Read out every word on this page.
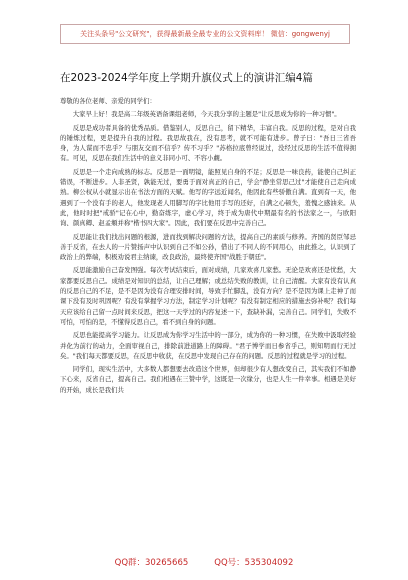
关注头条号"公文研究"，获得最新最全最专业的公文资料库！ 微信：gongwenyj
在2023-2024学年度上学期升旗仪式上的演讲汇编4篇

尊敬的各位老师、亲爱的同学们：

大家早上好！我是高二年级英语备课组老师，今天我分享的主题是"让反思成为你的一种习惯"。

反思是成功者具备的优秀品质。借鉴别人，反思自己，留下精华，丰富自我。反思的过程，是对自我的锤炼过程，更是提升自我的过程。我思故我在，没有思考，就不可能有进步。曾子曰："吾日三省吾身，为人谋而不忠乎？与朋友交而不信乎？传不习乎？"苏格拉底曾经说过，没经过反思的生活不值得拥有。可见，反思在我们生活中的意义非同小可、不容小觑。

反思是一个走向成熟的标志。反思是一面明镜，能照见自身的不足；反思是一味良药，能使自己纠正错误，不断进步。人非圣贤，孰能无过，要勇于面对真正的自己，学会"静坐常思己过"才能使自己走向成熟。柳公权从小就显示出在书法方面的天赋。他写的字远近闻名，他因此有些骄傲自满。直到有一天，他遇到了一个没有手的老人，他发现老人用脚写的字比他用手写的还好，自满之心顿失，羞愧之感油来。从此，他时时把"戒骄"记在心中，勤奋练字，虚心学习，终于成为唐代中期最有名的书法家之一，与欧阳询、颜真卿、赵孟頫并称"楷书四大家"。因此，我们要在反思中完善自己。

反思能让我们找出问题的根源，进而找到解决问题的方法，提高自己的素质与修养。齐国的贤臣邹忌善于反省，在去人的一片赞扬声中认识到自己不如公孙，借出了不同人的不同用心，由此推之，认识到了政治上的弊端，积极劝说君主纳谏，改良政治，最终使齐国"战胜于朝廷"。

反思能激励自己奋发图强。每次考试结束后，面对成绩，几家欢喜几家愁。无论是欢喜还是忧愁，大家都要反思自己。成绩是对知识的总结，让自己理解；或总结失败的教训，让自己清醒。大家有没有认真的反思自己的不足，是不是因为没有合理安排时间，导致手忙脚乱，没有方向？是不是因为课上走神了而课下没有及时巩固呢？有没有掌握学习方法，制定学习计划呢？有没有制定相应的措施去弥补呢？我们每天应该给自己留一点时间来反思，把这一天学过的内容复述一下，查缺补漏，完善自己。同学们，失败不可怕，可怕的是，不懂得反思自己，看不到自身的问题。

反思也能提高学习能力。让反思成为你学习生活中的一部分，成为你的一种习惯，在失败中汲取经验并化为前行的动力，全面审视自己，排除前进道路上的障碍。"君子博学而日参省乎己，则知明而行无过矣。"我们每天都要反思，在反思中收获，在反思中发现自己存在的问题。反思的过程就是学习的过程。

同学们，现实生活中，大多数人都想要去改造这个世界，但却很少有人想改变自己，其实我们不如静下心来，反省自己，提高自己。我们相遇在三赞中学，这既是一次缘分，也是人生一件幸事。相遇是美好的开始，成长是我们共

QQ群：30265665	QQ号：535304092
